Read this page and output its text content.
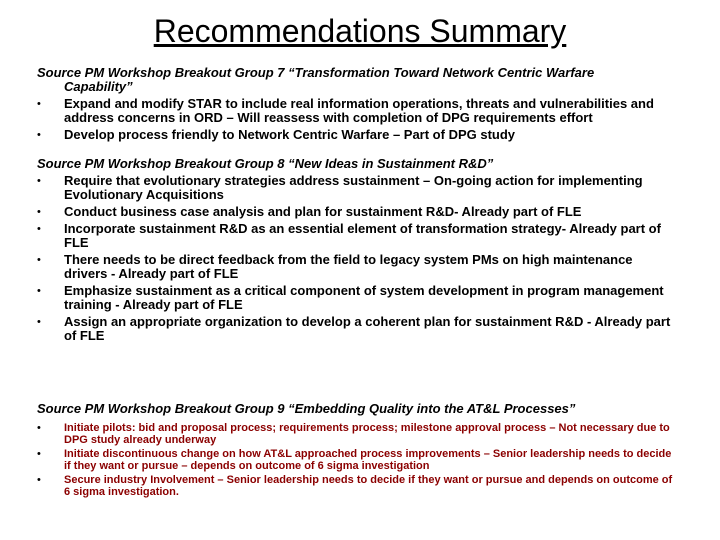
Recommendations Summary
Source PM Workshop Breakout Group 7 “Transformation Toward Network Centric Warfare
Capability”
• Expand and modify STAR to include real information operations, threats and vulnerabilities and address concerns in ORD – Will reassess with completion of DPG requirements effort
• Develop process friendly to Network Centric Warfare – Part of DPG study
Source PM Workshop Breakout Group 8 “New Ideas in Sustainment R&D”
• Require that evolutionary strategies address sustainment – On-going action for implementing Evolutionary Acquisitions
• Conduct business case analysis and plan for sustainment R&D- Already part of FLE
• Incorporate sustainment R&D as an essential element of transformation strategy- Already part of FLE
• There needs to be direct feedback from the field to legacy system PMs on high maintenance drivers - Already part of FLE
• Emphasize sustainment as a critical component of system development in program management training - Already part of FLE
• Assign an appropriate organization to develop a coherent plan for sustainment R&D - Already part of FLE
Source PM Workshop Breakout Group 9 “Embedding Quality into the AT&L Processes”
• Initiate pilots: bid and proposal process; requirements process; milestone approval process – Not necessary due to DPG study already underway
• Initiate discontinuous change on how AT&L approached process improvements – Senior leadership needs to decide if they want or pursue – depends on outcome of 6 sigma investigation
• Secure industry Involvement – Senior leadership needs to decide if they want or pursue and depends on outcome of 6 sigma investigation.
